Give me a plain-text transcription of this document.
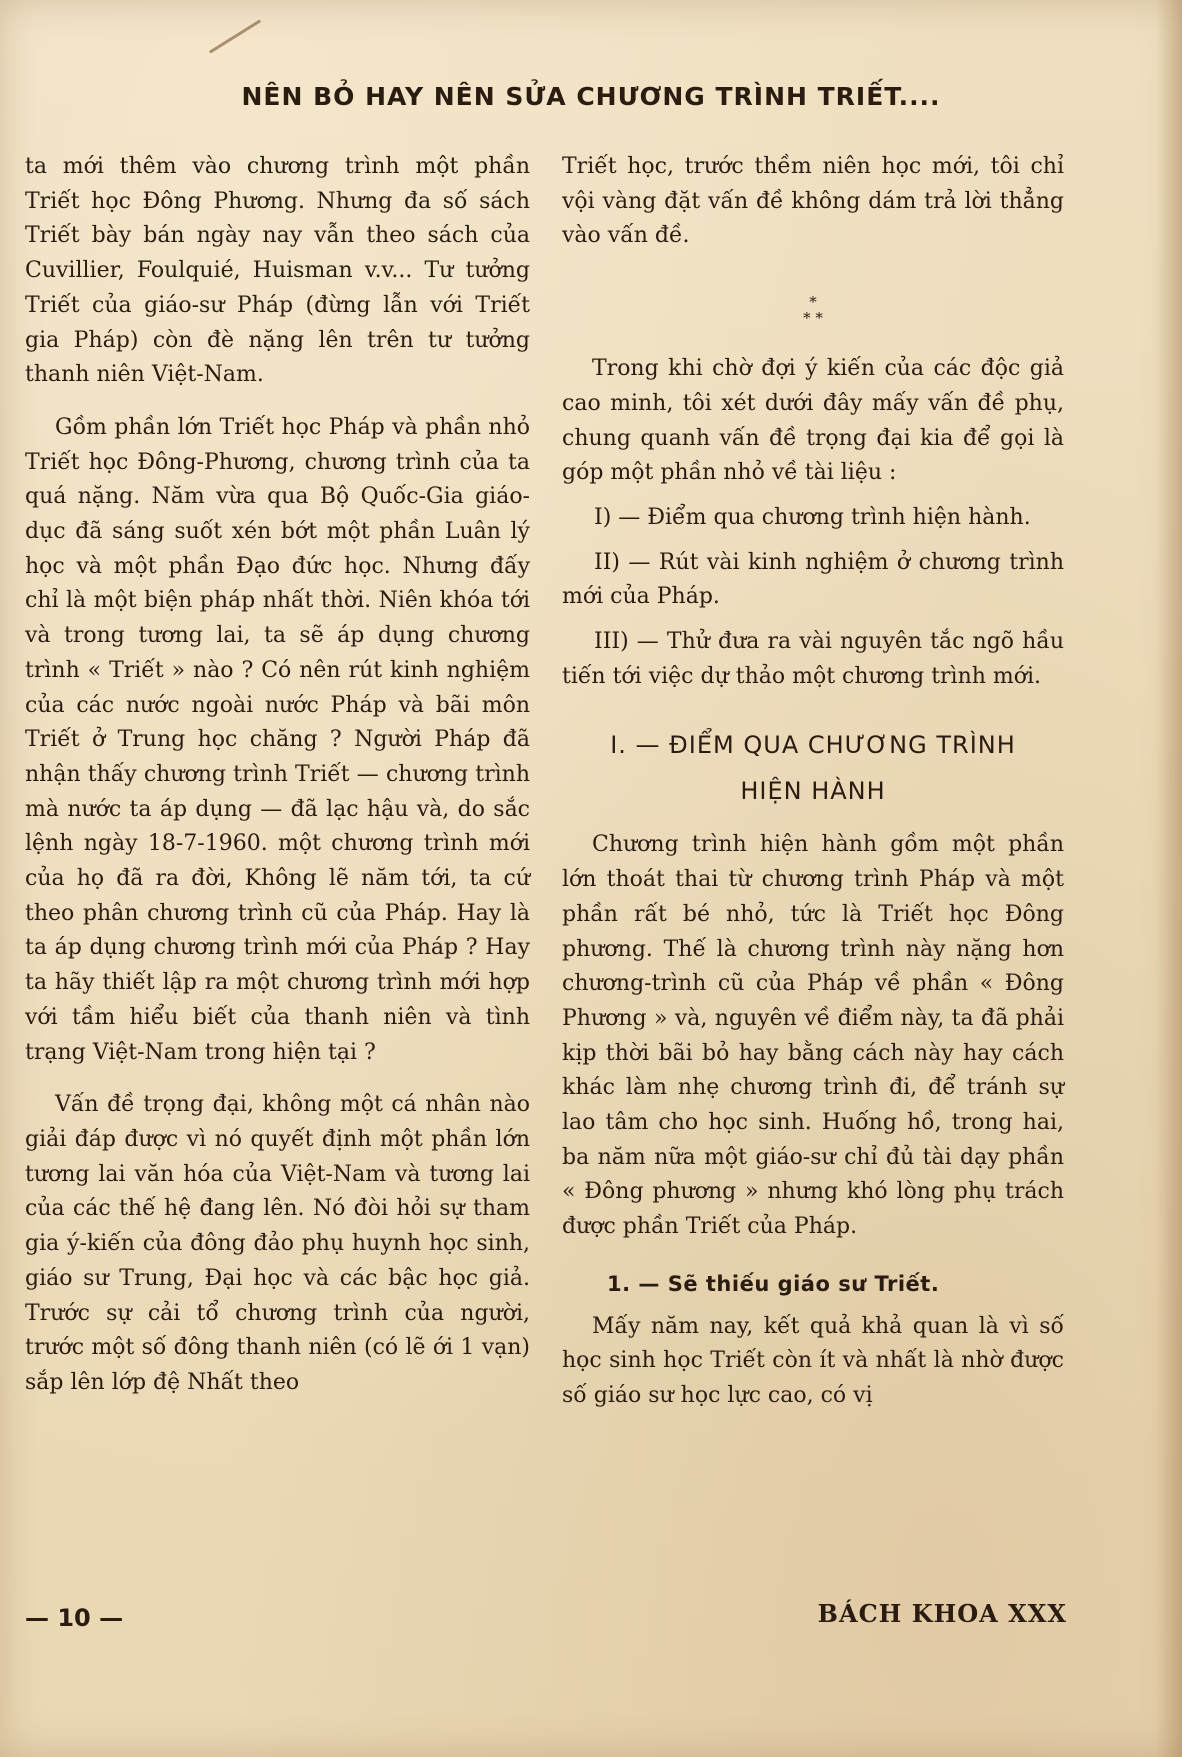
NÊN BỎ HAY NÊN SỬA CHƯƠNG TRÌNH TRIẾT....

ta mới thêm vào chương trình một phần Triết học Đông Phương. Nhưng đa số sách Triết bày bán ngày nay vẫn theo sách của Cuvillier, Foulquié, Huisman v.v... Tư tưởng Triết của giáo-sư Pháp (đừng lẫn với Triết gia Pháp) còn đè nặng lên trên tư tưởng thanh niên Việt-Nam.

Gồm phần lớn Triết học Pháp và phần nhỏ Triết học Đông-Phương, chương trình của ta quá nặng. Năm vừa qua Bộ Quốc-Gia giáo-dục đã sáng suốt xén bớt một phần Luân lý học và một phần Đạo đức học. Nhưng đấy chỉ là một biện pháp nhất thời. Niên khóa tới và trong tương lai, ta sẽ áp dụng chương trình « Triết » nào ? Có nên rút kinh nghiệm của các nước ngoài nước Pháp và bãi môn Triết ở Trung học chăng ? Người Pháp đã nhận thấy chương trình Triết — chương trình mà nước ta áp dụng — đã lạc hậu và, do sắc lệnh ngày 18-7-1960. một chương trình mới của họ đã ra đời, Không lẽ năm tới, ta cứ theo phân chương trình cũ của Pháp. Hay là ta áp dụng chương trình mới của Pháp ? Hay ta hãy thiết lập ra một chương trình mới hợp với tầm hiểu biết của thanh niên và tình trạng Việt-Nam trong hiện tại ?

Vấn đề trọng đại, không một cá nhân nào giải đáp được vì nó quyết định một phần lớn tương lai văn hóa của Việt-Nam và tương lai của các thế hệ đang lên. Nó đòi hỏi sự tham gia ý-kiến của đông đảo phụ huynh học sinh, giáo sư Trung, Đại học và các bậc học giả. Trước sự cải tổ chương trình của người, trước một số đông thanh niên (có lẽ ới 1 vạn) sắp lên lớp đệ Nhất theo

Triết học, trước thềm niên học mới, tôi chỉ vội vàng đặt vấn đề không dám trả lời thẳng vào vấn đề.

*
* *

Trong khi chờ đợi ý kiến của các độc giả cao minh, tôi xét dưới đây mấy vấn đề phụ, chung quanh vấn đề trọng đại kia để gọi là góp một phần nhỏ về tài liệu :

I) — Điểm qua chương trình hiện hành.

II) — Rút vài kinh nghiệm ở chương trình mới của Pháp.

III) — Thử đưa ra vài nguyên tắc ngõ hầu tiến tới việc dự thảo một chương trình mới.

I. — ĐIỂM QUA CHƯƠNG TRÌNH
HIỆN HÀNH

Chương trình hiện hành gồm một phần lớn thoát thai từ chương trình Pháp và một phần rất bé nhỏ, tức là Triết học Đông phương. Thế là chương trình này nặng hơn chương-trình cũ của Pháp về phần « Đông Phương » và, nguyên về điểm này, ta đã phải kịp thời bãi bỏ hay bằng cách này hay cách khác làm nhẹ chương trình đi, để tránh sự lao tâm cho học sinh. Huống hồ, trong hai, ba năm nữa một giáo-sư chỉ đủ tài dạy phần « Đông phương » nhưng khó lòng phụ trách được phần Triết của Pháp.

1. — Sẽ thiếu giáo sư Triết.

Mấy năm nay, kết quả khả quan là vì số học sinh học Triết còn ít và nhất là nhờ được số giáo sư học lực cao, có vị

— 10 —	BÁCH KHOA XXX
